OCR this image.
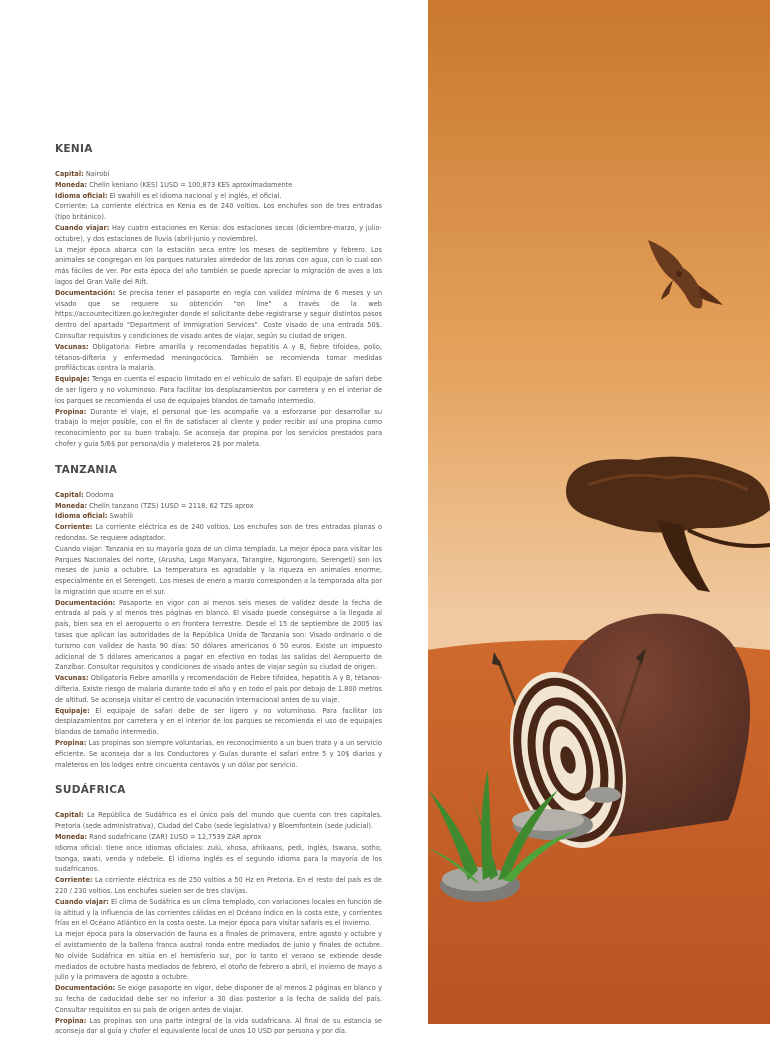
KENIA

Capital: Nairobi

Moneda: Chelín keniano (KES) 1USD = 100,873 KES aproximadamente

Idioma oficial: El swahili es el idioma nacional y el inglés, el oficial.

Corriente: La corriente eléctrica en Kenia es de 240 voltios. Los enchufes son de tres entradas (tipo británico).

Cuando viajar: Hay cuatro estaciones en Kenia: dos estaciones secas (diciembre-marzo, y julio-octubre), y dos estaciones de lluvia (abril-junio y noviembre).

La mejor época abarca con la estación seca entre los meses de septiembre y febrero. Los animales se congregan en los parques naturales alrededor de las zonas con agua, con lo cual son más fáciles de ver. Por esta época del año también se puede apreciar la migración de aves a los lagos del Gran Valle del Rift.

Documentación: Se precisa tener el pasaporte en regla con validez mínima de 6 meses y un visado que se requiere su obtención "on line" a través de la web https://accountecitizen.go.ke/register donde el solicitante debe registrarse y seguir distintos pasos dentro del apartado "Department of Immigration Services". Coste visado de una entrada 50$. Consultar requisitos y condiciones de visado antes de viajar, según su ciudad de origen.

Vacunas: Obligatoria: Fiebre amarilla y recomendadas hepatitis A y B, fiebre tifoidea, polio, tétanos-difteria y enfermedad meningocócica. También se recomienda tomar medidas profilácticas contra la malaria.

Equipaje: Tenga en cuenta el espacio limitado en el vehículo de safari. El equipaje de safari debe de ser ligero y no voluminoso. Para facilitar los desplazamientos por carretera y en el interior de los parques se recomienda el uso de equipajes blandos de tamaño intermedio.

Propina: Durante el viaje, el personal que les acompañe va a esforzarse por desarrollar su trabajo lo mejor posible, con el fin de satisfacer al cliente y poder recibir así una propina como reconocimiento por su buen trabajo. Se aconseja dar propina por los servicios prestados para chofer y guía 5/6$ por persona/día y maleteros 2$ por maleta.

TANZANIA

Capital: Dodoma

Moneda: Chelín tanzano (TZS) 1USD = 2118, 62 TZS aprox

Idioma oficial: Swahili

Corriente: La corriente eléctrica es de 240 voltios. Los enchufes son de tres entradas planas o redondas. Se requiere adaptador.

Cuando viajar: Tanzania en su mayoría goza de un clima templado. La mejor época para visitar los Parques Nacionales del norte, (Arusha, Lago Manyara, Tarangire, Ngorongoro, Serengeti) son los meses de junio a octubre. La temperatura es agradable y la riqueza en animales enorme, especialmente en el Serengeti. Los meses de enero a marzo corresponden a la temporada alta por la migración que ocurre en el sur.

Documentación: Pasaporte en vigor con al menos seis meses de validez desde la fecha de entrada al país y al menos tres páginas en blanco. El visado puede conseguirse a la llegada al país, bien sea en el aeropuerto o en frontera terrestre. Desde el 15 de septiembre de 2005 las tasas que aplican las autoridades de la República Unida de Tanzania son: Visado ordinario o de turismo con validez de hasta 90 días: 50 dólares americanos ó 50 euros. Existe un impuesto adicional de 5 dólares americanos a pagar en efectivo en todas las salidas del Aeropuerto de Zanzíbar. Consultar requisitos y condiciones de visado antes de viajar según su ciudad de origen.

Vacunas: Obligatoria Fiebre amarilla y recomendación de Fiebre tifoidea, hepatitis A y B, tétanos-difteria. Existe riesgo de malaria durante todo el año y en todo el país por debajo de 1.800 metros de altitud. Se aconseja visitar el centro de vacunación internacional antes de su viaje.

Equipaje: El equipaje de safari debe de ser ligero y no voluminoso. Para facilitar los desplazamientos por carretera y en el interior de los parques se recomienda el uso de equipajes blandos de tamaño intermedio.

Propina: Las propinas son siempre voluntarias, en reconocimiento a un buen trato y a un servicio eficiente. Se aconseja dar a los Conductores y Guías durante el safari entre 5 y 10$ diarios y maleteros en los lodges entre cincuenta centavos y un dólar por servicio.

SUDÁFRICA

Capital: La República de Sudáfrica es el único país del mundo que cuenta con tres capitales. Pretoria (sede administrativa), Ciudad del Cabo (sede legislativa) y Bloemfontein (sede judicial).

Moneda: Rand sudafricano (ZAR) 1USD = 12,7539 ZAR aprox

Idioma oficial: tiene once idiomas oficiales: zulú, xhosa, afrikaans, pedi, inglés, tswana, sotho, tsonga, swati, venda y ndebele. El idioma inglés es el segundo idioma para la mayoría de los sudafricanos.

Corriente: La corriente eléctrica es de 250 voltios a 50 Hz en Pretoria. En el resto del país es de 220 / 230 voltios. Los enchufes suelen ser de tres clavijas.

Cuando viajar: El clima de Sudáfrica es un clima templado, con variaciones locales en función de la altitud y la influencia de las corrientes cálidas en el Océano Índico en la costa este, y corrientes frías en el Océano Atlántico en la costa oeste. La mejor época para visitar safaris es el invierno.

La mejor época para la observación de fauna es a finales de primavera, entre agosto y octubre y el avistamiento de la ballena franca austral ronda entre mediados de junio y finales de octubre. No olvide Sudáfrica en sitúa en el hemisferio sur, por lo tanto el verano se extiende desde mediados de octubre hasta mediados de febrero, el otoño de febrero a abril, el invierno de mayo a julio y la primavera de agosto a octubre.

Documentación: Se exige pasaporte en vigor, debe disponer de al menos 2 páginas en blanco y su fecha de caducidad debe ser no inferior a 30 días posterior a la fecha de salida del país. Consultar requisitos en su país de origen antes de viajar.

Propina: Las propinas son una parte integral de la vida sudafricana. Al final de su estancia se aconseja dar al guía y chofer el equivalente local de unos 10 USD por persona y por día.
